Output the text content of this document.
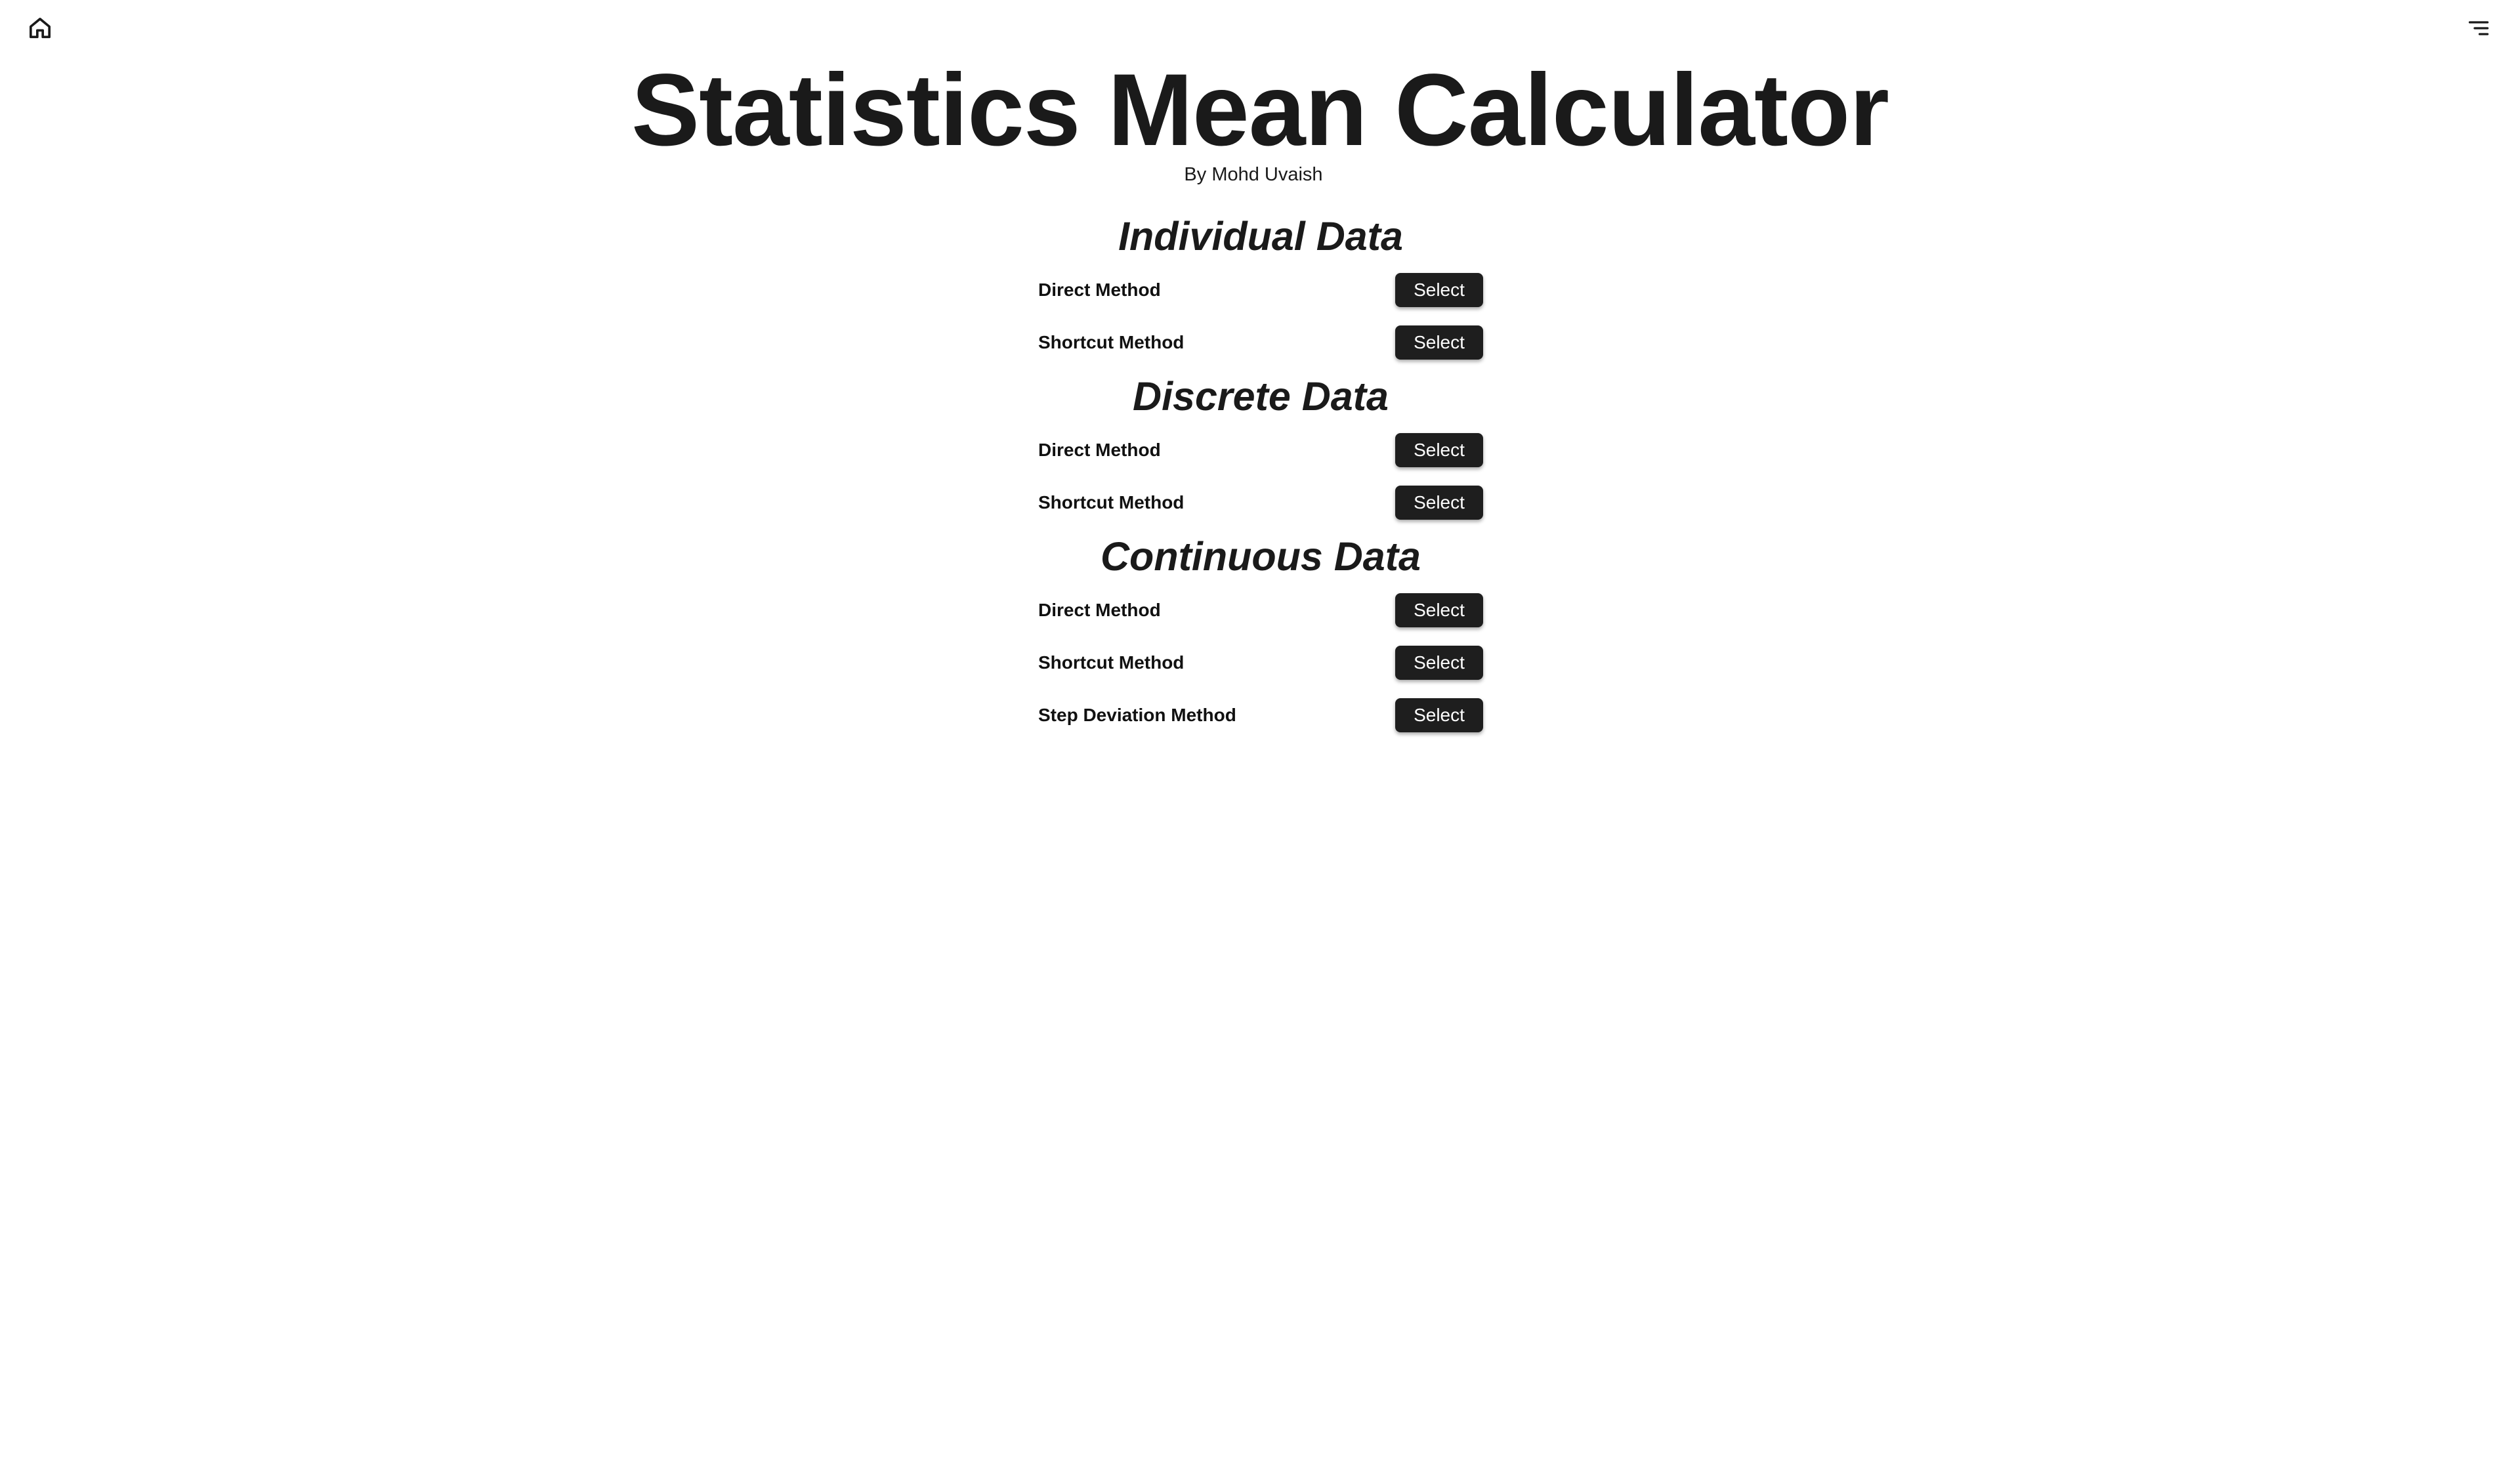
Statistics Mean Calculator
By Mohd Uvaish
Individual Data
Direct Method	Select
Shortcut Method	Select
Discrete Data
Direct Method	Select
Shortcut Method	Select
Continuous Data
Direct Method	Select
Shortcut Method	Select
Step Deviation Method	Select
